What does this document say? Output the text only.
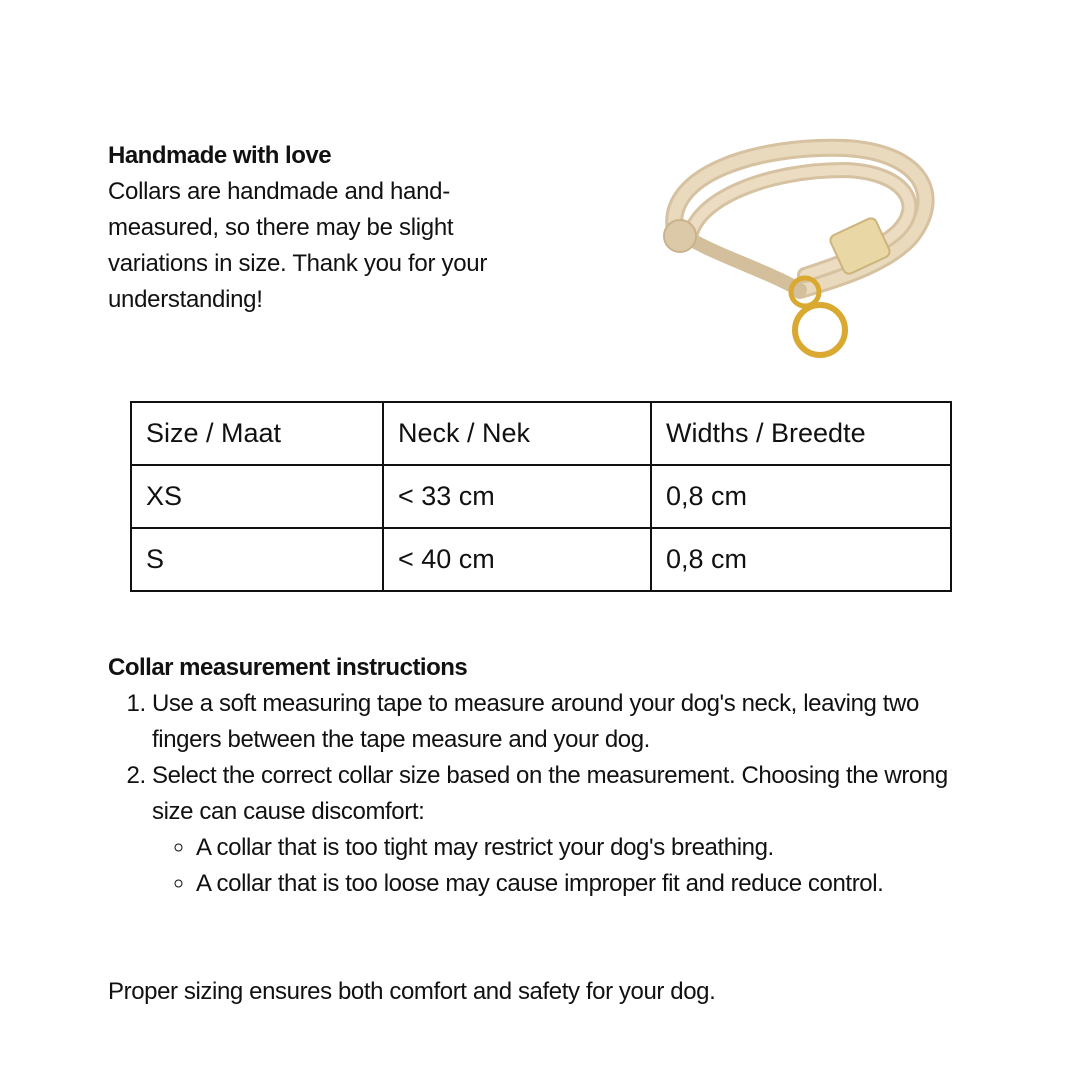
Handmade with love
Collars are handmade and hand-measured, so there may be slight variations in size. Thank you for your understanding!
Size / Maat	Neck / Nek	Widths / Breedte
XS	< 33 cm	0,8 cm
S	< 40 cm	0,8 cm
Collar measurement instructions
1. Use a soft measuring tape to measure around your dog's neck, leaving two fingers between the tape measure and your dog.
2. Select the correct collar size based on the measurement. Choosing the wrong size can cause discomfort:
◦ A collar that is too tight may restrict your dog's breathing.
◦ A collar that is too loose may cause improper fit and reduce control.
Proper sizing ensures both comfort and safety for your dog.
